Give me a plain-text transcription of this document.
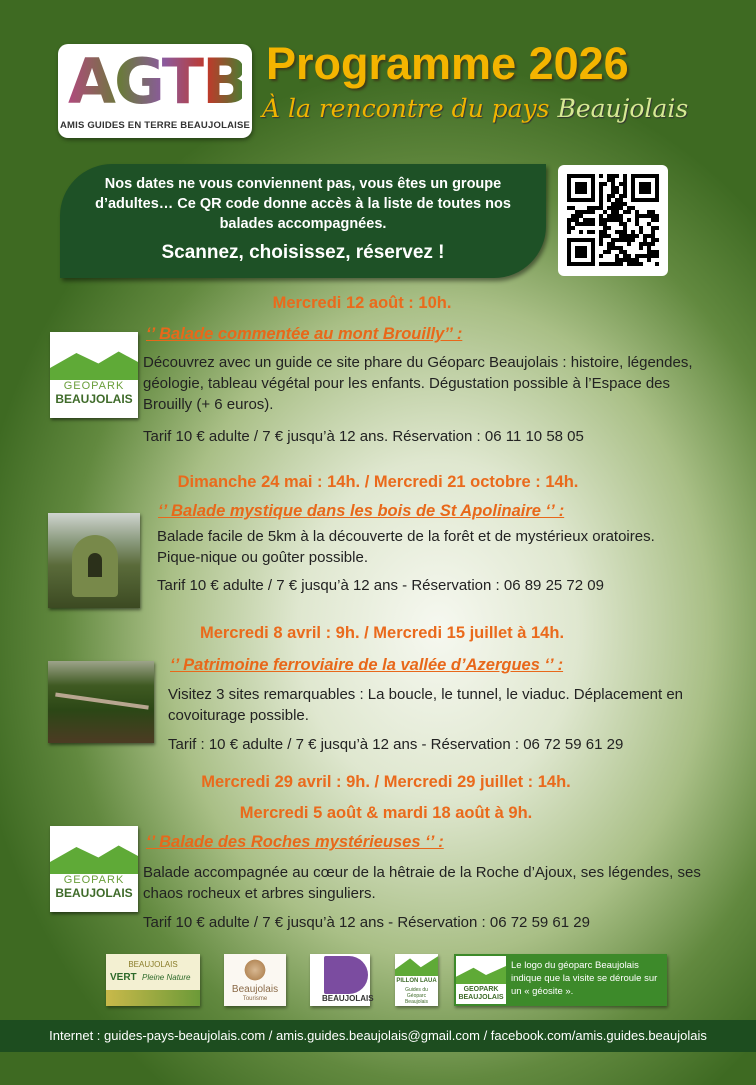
AGTB
AMIS GUIDES EN TERRE BEAUJOLAISE
Programme 2026
À la rencontre du pays Beaujolais
Nos dates ne vous conviennent pas, vous êtes un groupe d’adultes… Ce QR code donne accès à la liste de toutes nos balades accompagnées.
Scannez, choisissez, réservez !
Mercredi 12 août : 10h.
❦
GEOPARK
BEAUJOLAIS
‘’ Balade commentée au mont Brouilly’’ :
Découvrez avec un guide ce site phare du Géoparc Beaujolais : histoire, légendes, géologie, tableau végétal pour les enfants. Dégustation possible à l’Espace des Brouilly (+ 6 euros).
Tarif 10 € adulte / 7 € jusqu’à 12 ans. Réservation : 06 11 10 58 05
Dimanche 24 mai : 14h. / Mercredi 21 octobre : 14h.
‘’ Balade mystique dans les bois de St Apolinaire ‘’ :
Balade facile de 5km à la découverte de la forêt et de mystérieux oratoires. Pique-nique ou goûter possible.
Tarif 10 € adulte / 7 € jusqu’à 12 ans - Réservation : 06 89 25 72 09
Mercredi 8 avril : 9h. / Mercredi 15 juillet à 14h.
‘’ Patrimoine ferroviaire de la vallée d’Azergues ‘’ :
Visitez 3 sites remarquables : La boucle, le tunnel, le viaduc. Déplacement en covoiturage possible.
Tarif : 10 € adulte / 7 € jusqu’à 12 ans - Réservation : 06 72 59 61 29
Mercredi 29 avril : 9h. / Mercredi 29 juillet : 14h.
Mercredi 5 août & mardi 18 août à 9h.
❦
GEOPARK
BEAUJOLAIS
‘’ Balade des Roches mystérieuses ‘’ :
Balade accompagnée au cœur de la hêtraie de la Roche d’Ajoux, ses légendes, ses chaos rocheux et arbres singuliers.
Tarif 10 € adulte / 7 € jusqu’à 12 ans - Réservation : 06 72 59 61 29
BEAUJOLAIS
VERT Pleine Nature
Beaujolais
Tourisme	BEAUJOLAIS
PILLON LAUA
Guides du Géoparc Beaujolais
GEOPARK BEAUJOLAIS
Le logo du géoparc Beaujolais indique que la visite se déroule sur un « géosite ».
Internet : guides-pays-beaujolais.com / amis.guides.beaujolais@gmail.com / facebook.com/amis.guides.beaujolais
